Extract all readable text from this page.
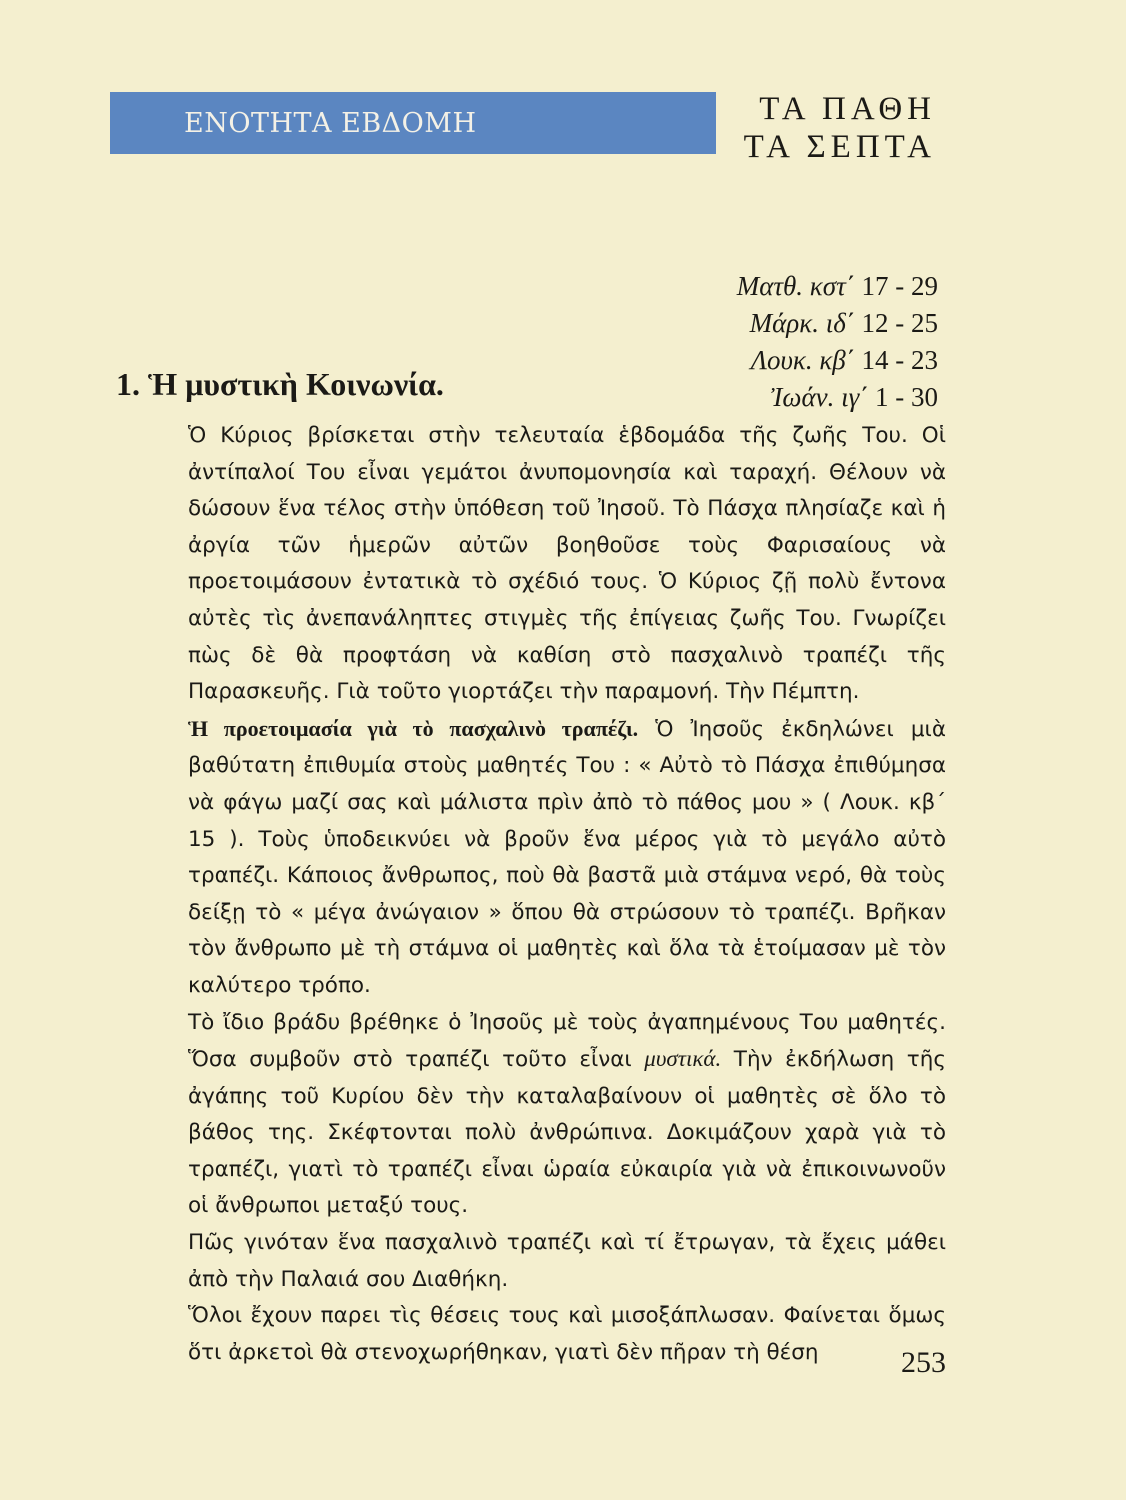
ΕΝΟΤΗΤΑ ΕΒΔΟΜΗ	ΤΑ ΠΑΘΗ
ΤΑ ΣΕΠΤΑ
Ματθ. κστ΄ 17 - 29
Μάρκ. ιδ΄ 12 - 25
Λουκ. κβ΄ 14 - 23
Ἰωάν. ιγ΄ 1 - 30
1. Ἡ μυστικὴ Κοινωνία.

Ὁ Κύριος βρίσκεται στὴν τελευταία ἑβδομάδα τῆς ζωῆς Του. Οἱ ἀντίπαλοί Του εἶναι γεμάτοι ἀνυπομονησία καὶ ταραχή. Θέλουν νὰ δώσουν ἕνα τέλος στὴν ὑπόθεση τοῦ Ἰησοῦ. Τὸ Πάσχα πλησίαζε καὶ ἡ ἀργία τῶν ἡμερῶν αὐτῶν βοηθοῦσε τοὺς Φαρισαίους νὰ προετοιμάσουν ἐντατικὰ τὸ σχέδιό τους. Ὁ Κύριος ζῇ πολὺ ἔντονα αὐτὲς τὶς ἀνεπανάληπτες στιγμὲς τῆς ἐπίγειας ζωῆς Του. Γνωρίζει πὼς δὲ θὰ προφτάση νὰ καθίση στὸ πασχαλινὸ τραπέζι τῆς Παρασκευῆς. Γιὰ τοῦτο γιορτάζει τὴν παραμονή. Τὴν Πέμπτη.

Ἡ προετοιμασία γιὰ τὸ πασχαλινὸ τραπέζι. Ὁ Ἰησοῦς ἐκδηλώνει μιὰ βαθύτατη ἐπιθυμία στοὺς μαθητές Του : « Αὐτὸ τὸ Πάσχα ἐπιθύμησα νὰ φάγω μαζί σας καὶ μάλιστα πρὶν ἀπὸ τὸ πάθος μου » ( Λουκ. κβ΄ 15 ). Τοὺς ὑποδεικνύει νὰ βροῦν ἕνα μέρος γιὰ τὸ μεγάλο αὐτὸ τραπέζι. Κάποιος ἄνθρωπος, ποὺ θὰ βαστᾶ μιὰ στάμνα νερό, θὰ τοὺς δείξῃ τὸ « μέγα ἀνώγαιον » ὅπου θὰ στρώσουν τὸ τραπέζι. Βρῆκαν τὸν ἄνθρωπο μὲ τὴ στάμνα οἱ μαθητὲς καὶ ὅλα τὰ ἑτοίμασαν μὲ τὸν καλύτερο τρόπο.

Τὸ ἴδιο βράδυ βρέθηκε ὁ Ἰησοῦς μὲ τοὺς ἀγαπημένους Του μαθητές. Ὅσα συμβοῦν στὸ τραπέζι τοῦτο εἶναι μυστικά. Τὴν ἐκδήλωση τῆς ἀγάπης τοῦ Κυρίου δὲν τὴν καταλαβαίνουν οἱ μαθητὲς σὲ ὅλο τὸ βάθος της. Σκέφτονται πολὺ ἀνθρώπινα. Δοκιμάζουν χαρὰ γιὰ τὸ τραπέζι, γιατὶ τὸ τραπέζι εἶναι ὡραία εὐκαιρία γιὰ νὰ ἐπικοινωνοῦν οἱ ἄνθρωποι μεταξύ τους.

Πῶς γινόταν ἕνα πασχαλινὸ τραπέζι καὶ τί ἔτρωγαν, τὰ ἔχεις μάθει ἀπὸ τὴν Παλαιά σου Διαθήκη.

Ὅλοι ἔχουν παρει τὶς θέσεις τους καὶ μισοξάπλωσαν. Φαίνεται ὅμως ὅτι ἀρκετοὶ θὰ στενοχωρήθηκαν, γιατὶ δὲν πῆραν τὴ θέση	253
